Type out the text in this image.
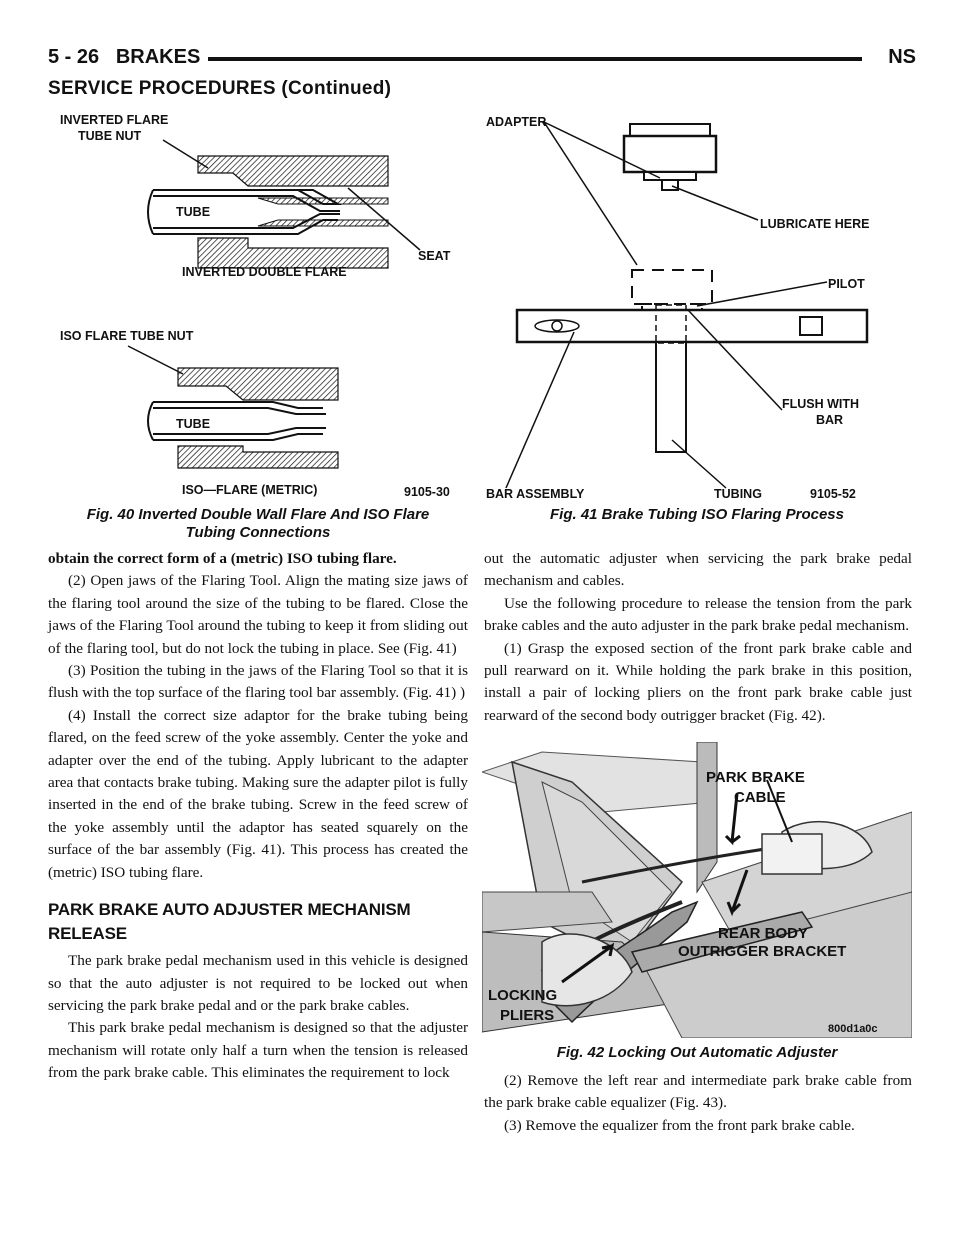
5 - 26 BRAKES	NS
SERVICE PROCEDURES (Continued)
INVERTED FLARE
TUBE NUT
TUBE
SEAT
INVERTED DOUBLE FLARE
ISO FLARE TUBE NUT
TUBE
ISO—FLARE (METRIC)	9105-30
Fig. 40 Inverted Double Wall Flare And ISO Flare
Tubing Connections
ADAPTER
LUBRICATE HERE
PILOT
FLUSH WITH
BAR
BAR ASSEMBLY	TUBING	9105-52
Fig. 41 Brake Tubing ISO Flaring Process

obtain the correct form of a (metric) ISO tubing flare.

(2) Open jaws of the Flaring Tool. Align the mating size jaws of the flaring tool around the size of the tubing to be flared. Close the jaws of the Flaring Tool around the tubing to keep it from sliding out of the flaring tool, but do not lock the tubing in place. See (Fig. 41)

(3) Position the tubing in the jaws of the Flaring Tool so that it is flush with the top surface of the flaring tool bar assembly. (Fig. 41) )

(4) Install the correct size adaptor for the brake tubing being flared, on the feed screw of the yoke assembly. Center the yoke and adapter over the end of the tubing. Apply lubricant to the adapter area that contacts brake tubing. Making sure the adapter pilot is fully inserted in the end of the brake tubing. Screw in the feed screw of the yoke assembly until the adaptor has seated squarely on the surface of the bar assembly (Fig. 41). This process has created the (metric) ISO tubing flare.

PARK BRAKE AUTO ADJUSTER MECHANISM RELEASE

The park brake pedal mechanism used in this vehicle is designed so that the auto adjuster is not required to be locked out when servicing the park brake pedal and or the park brake cables.

This park brake pedal mechanism is designed so that the adjuster mechanism will rotate only half a turn when the tension is released from the park brake cable. This eliminates the requirement to lock

out the automatic adjuster when servicing the park brake pedal mechanism and cables.

Use the following procedure to release the tension from the park brake cables and the auto adjuster in the park brake pedal mechanism.

(1) Grasp the exposed section of the front park brake cable and pull rearward on it. While holding the park brake in this position, install a pair of locking pliers on the front park brake cable just rearward of the second body outrigger bracket (Fig. 42).

PARK BRAKE
CABLE
REAR BODY
OUTRIGGER BRACKET
LOCKING
PLIERS
800d1a0c
Fig. 42 Locking Out Automatic Adjuster

(2) Remove the left rear and intermediate park brake cable from the park brake cable equalizer (Fig. 43).

(3) Remove the equalizer from the front park brake cable.
